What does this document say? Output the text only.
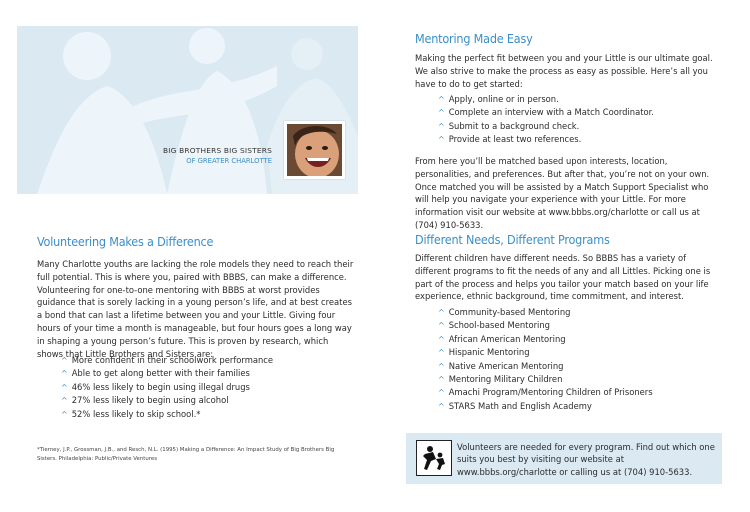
BIG BROTHERS BIG SISTERS
OF GREATER CHARLOTTE
Volunteering Makes a Difference
Many Charlotte youths are lacking the role models they need to reach their full potential. This is where you, paired with BBBS, can make a difference. Volunteering for one-to-one mentoring with BBBS at worst provides guidance that is sorely lacking in a young person’s life, and at best creates a bond that can last a lifetime between you and your Little. Giving four hours of your time a month is manageable, but four hours goes a long way in shaping a young person’s future. This is proven by research, which shows that Little Brothers and Sisters are:
^ More confident in their schoolwork performance
^ Able to get along better with their families
^ 46% less likely to begin using illegal drugs
^ 27% less likely to begin using alcohol
^ 52% less likely to skip school.*
*Tierney, J.P., Grossman, J.B., and Resch, N.L. (1995) Making a Difference: An Impact Study of Big Brothers Big Sisters. Philadelphia: Public/Private Ventures
Mentoring Made Easy
Making the perfect fit between you and your Little is our ultimate goal. We also strive to make the process as easy as possible. Here’s all you have to do to get started:
^ Apply, online or in person.
^ Complete an interview with a Match Coordinator.
^ Submit to a background check.
^ Provide at least two references.
From here you’ll be matched based upon interests, location, personalities, and preferences. But after that, you’re not on your own. Once matched you will be assisted by a Match Support Specialist who will help you navigate your experience with your Little. For more information visit our website at www.bbbs.org/charlotte or call us at (704) 910-5633.
Different Needs, Different Programs
Different children have different needs. So BBBS has a variety of different programs to fit the needs of any and all Littles. Picking one is part of the process and helps you tailor your match based on your life experience, ethnic background, time commitment, and interest.
^ Community-based Mentoring
^ School-based Mentoring
^ African American Mentoring
^ Hispanic Mentoring
^ Native American Mentoring
^ Mentoring Military Children
^ Amachi Program/Mentoring Children of Prisoners
^ STARS Math and English Academy
Volunteers are needed for every program. Find out which one suits you best by visiting our website at www.bbbs.org/charlotte or calling us at (704) 910-5633.
